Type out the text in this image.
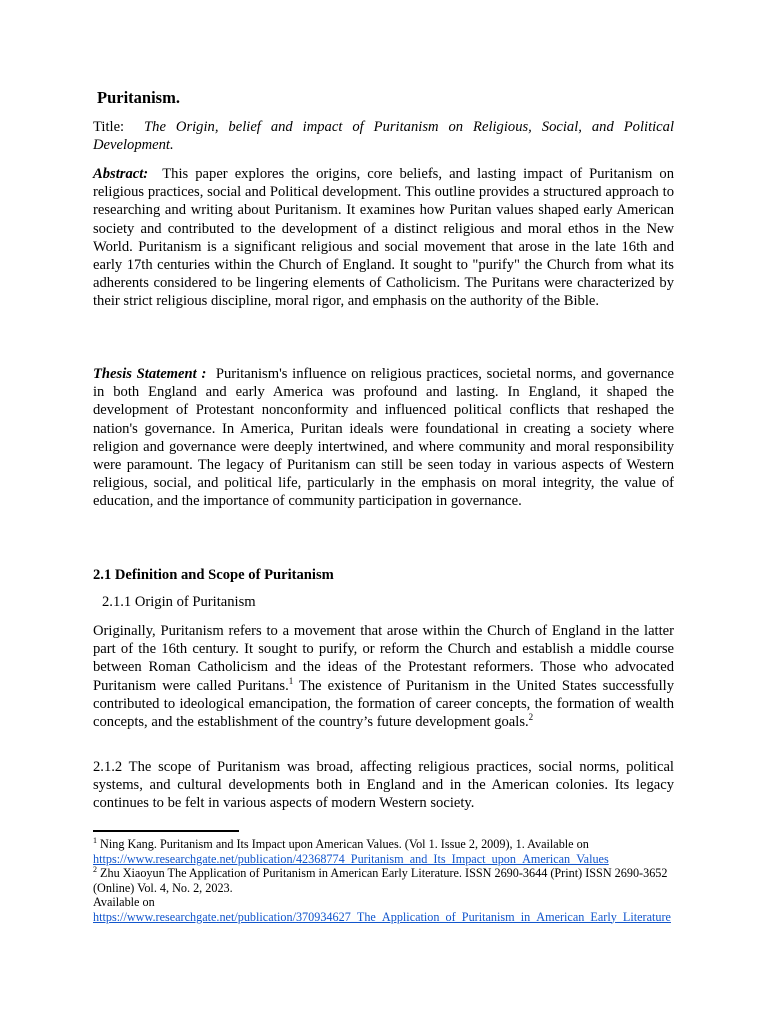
Puritanism.

Title: The Origin, belief and impact of Puritanism on Religious, Social, and Political Development.

Abstract: This paper explores the origins, core beliefs, and lasting impact of Puritanism on religious practices, social and Political development. This outline provides a structured approach to researching and writing about Puritanism. It examines how Puritan values shaped early American society and contributed to the development of a distinct religious and moral ethos in the New World. Puritanism is a significant religious and social movement that arose in the late 16th and early 17th centuries within the Church of England. It sought to "purify" the Church from what its adherents considered to be lingering elements of Catholicism. The Puritans were characterized by their strict religious discipline, moral rigor, and emphasis on the authority of the Bible.

Thesis Statement : Puritanism's influence on religious practices, societal norms, and governance in both England and early America was profound and lasting. In England, it shaped the development of Protestant nonconformity and influenced political conflicts that reshaped the nation's governance. In America, Puritan ideals were foundational in creating a society where religion and governance were deeply intertwined, and where community and moral responsibility were paramount. The legacy of Puritanism can still be seen today in various aspects of Western religious, social, and political life, particularly in the emphasis on moral integrity, the value of education, and the importance of community participation in governance.

2.1 Definition and Scope of Puritanism
2.1.1 Origin of Puritanism

Originally, Puritanism refers to a movement that arose within the Church of England in the latter part of the 16th century. It sought to purify, or reform the Church and establish a middle course between Roman Catholicism and the ideas of the Protestant reformers. Those who advocated Puritanism were called Puritans.$^1$ The existence of Puritanism in the United States successfully contributed to ideological emancipation, the formation of career concepts, the formation of wealth concepts, and the establishment of the country’s future development goals.$^2$

2.1.2 The scope of Puritanism was broad, affecting religious practices, social norms, political systems, and cultural developments both in England and in the American colonies. Its legacy continues to be felt in various aspects of modern Western society.

$^1$ Ning Kang. Puritanism and Its Impact upon American Values. (Vol 1. Issue 2, 2009), 1. Available on
https://www.researchgate.net/publication/42368774_Puritanism_and_Its_Impact_upon_American_Values
$^2$ Zhu Xiaoyun The Application of Puritanism in American Early Literature. ISSN 2690-3644 (Print) ISSN 2690-3652 (Online) Vol. 4, No. 2, 2023.
Available on
https://www.researchgate.net/publication/370934627_The_Application_of_Puritanism_in_American_Early_Literature
